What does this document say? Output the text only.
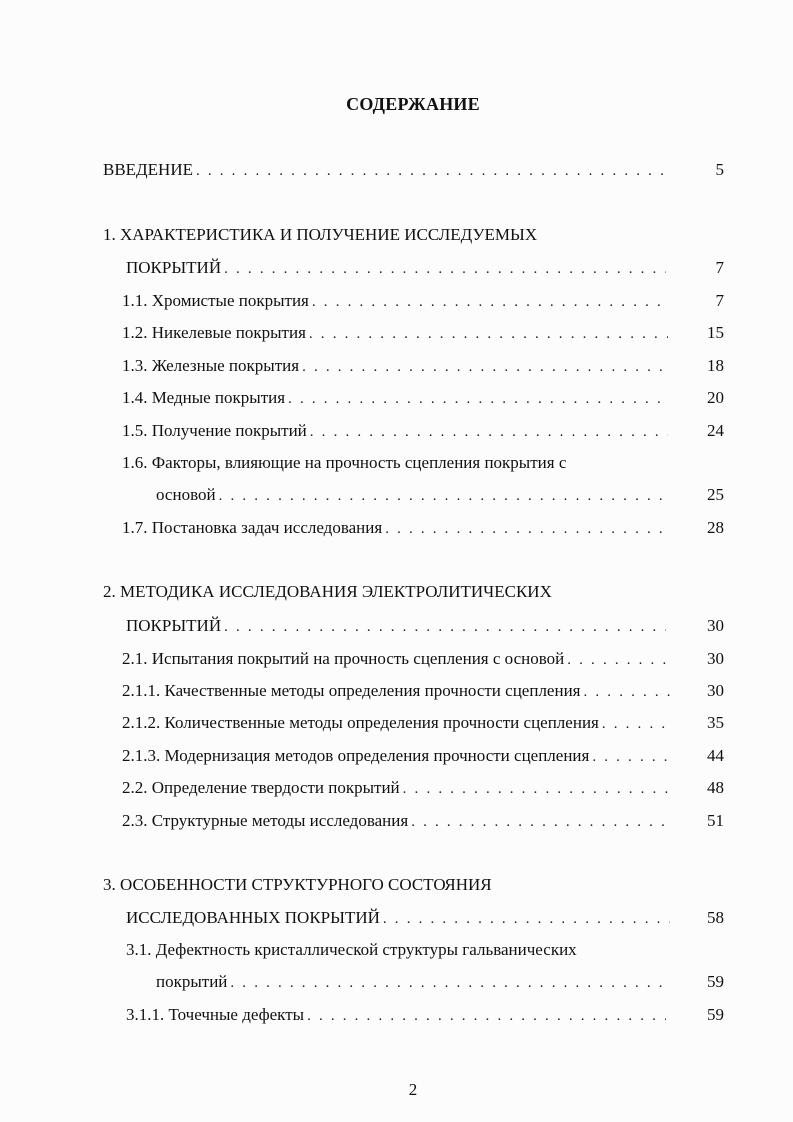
СОДЕРЖАНИЕ
ВВЕДЕНИЕ . . .	5
1. ХАРАКТЕРИСТИКА И ПОЛУЧЕНИЕ ИССЛЕДУЕМЫХ
ПОКРЫТИЙ . . .	7
1.1. Хромистые покрытия . . .	7
1.2. Никелевые покрытия . . .	15
1.3. Железные покрытия . . .	18
1.4. Медные покрытия . . .	20
1.5. Получение покрытий . . .	24
1.6. Факторы, влияющие на прочность сцепления покрытия с
основой . . .	25
1.7. Постановка задач исследования . . .	28
2. МЕТОДИКА ИССЛЕДОВАНИЯ ЭЛЕКТРОЛИТИЧЕСКИХ
ПОКРЫТИЙ . . .	30
2.1. Испытания покрытий на прочность сцепления с основой . . .	30
2.1.1. Качественные методы определения прочности сцепления . . .	30
2.1.2. Количественные методы определения прочности сцепления . . .	35
2.1.3. Модернизация методов определения прочности сцепления . . .	44
2.2. Определение твердости покрытий . . .	48
2.3. Структурные методы исследования . . .	51
3. ОСОБЕННОСТИ СТРУКТУРНОГО СОСТОЯНИЯ
ИССЛЕДОВАННЫХ ПОКРЫТИЙ . . .	58
3.1. Дефектность кристаллической структуры гальванических
покрытий . . .	59
3.1.1. Точечные дефекты . . .	59
2
